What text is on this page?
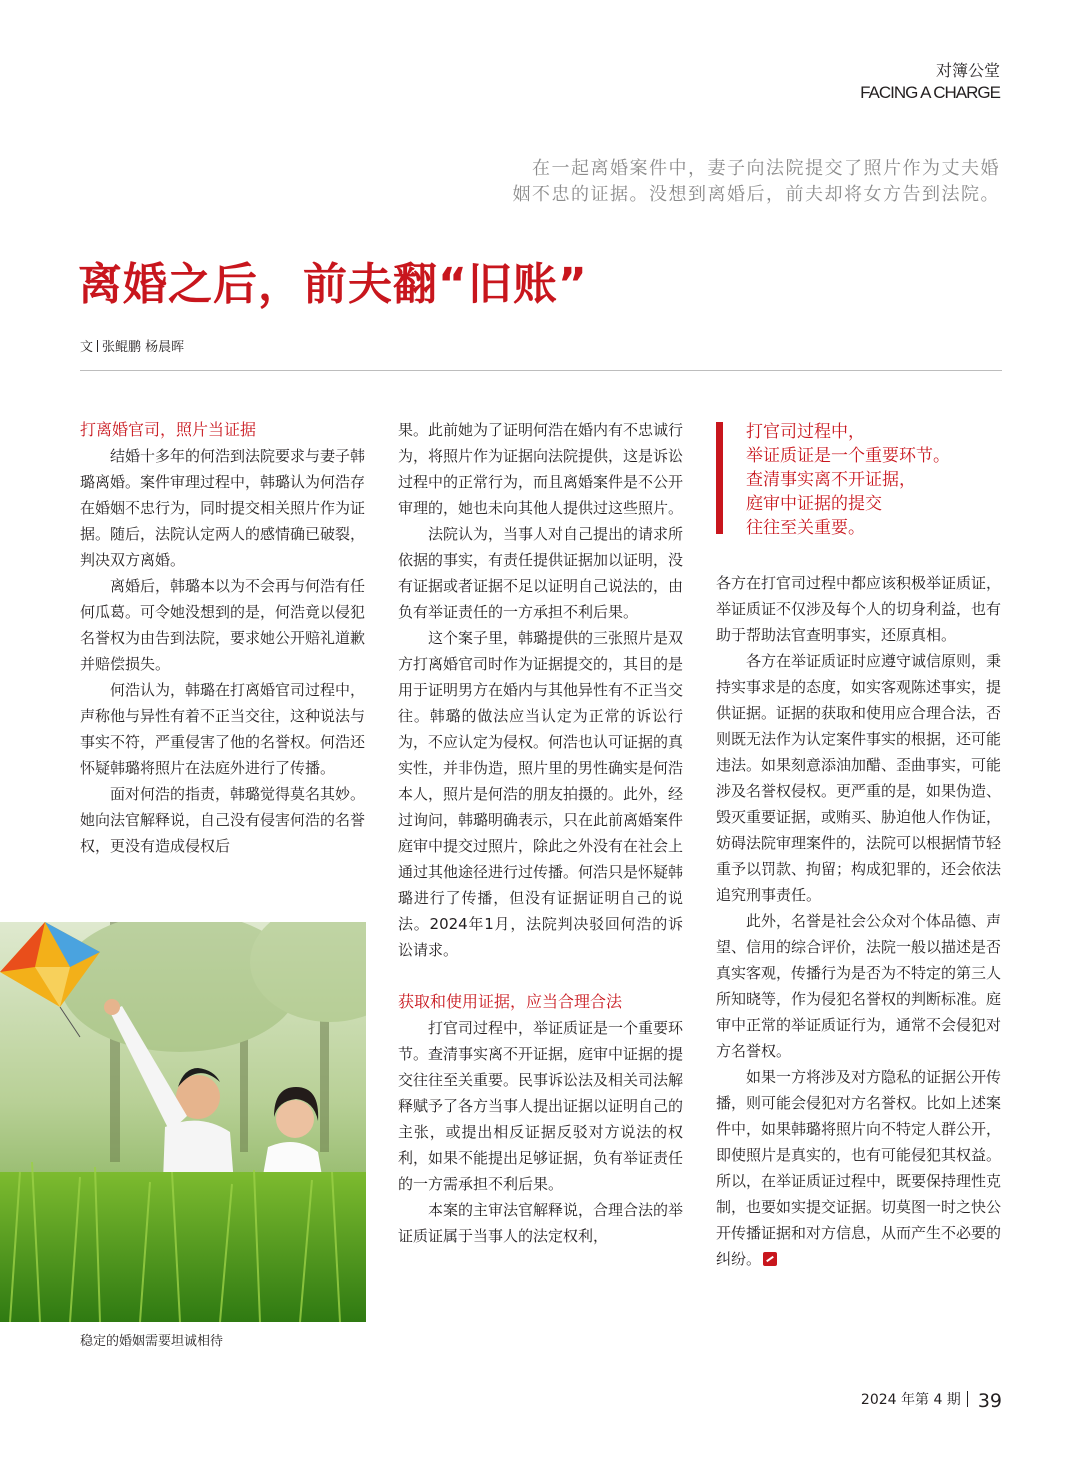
对簿公堂
FACING A CHARGE

在一起离婚案件中，妻子向法院提交了照片作为丈夫婚

姻不忠的证据。没想到离婚后，前夫却将女方告到法院。

离婚之后，前夫翻“旧账”
文 张鲲鹏 杨晨晖
打离婚官司，照片当证据

结婚十多年的何浩到法院要求与妻子韩璐离婚。案件审理过程中，韩璐认为何浩存在婚姻不忠行为，同时提交相关照片作为证据。随后，法院认定两人的感情确已破裂，判决双方离婚。

离婚后，韩璐本以为不会再与何浩有任何瓜葛。可令她没想到的是，何浩竟以侵犯名誉权为由告到法院，要求她公开赔礼道歉并赔偿损失。

何浩认为，韩璐在打离婚官司过程中，声称他与异性有着不正当交往，这种说法与事实不符，严重侵害了他的名誉权。何浩还怀疑韩璐将照片在法庭外进行了传播。

面对何浩的指责，韩璐觉得莫名其妙。她向法官解释说，自己没有侵害何浩的名誉权，更没有造成侵权后

果。此前她为了证明何浩在婚内有不忠诚行为，将照片作为证据向法院提供，这是诉讼过程中的正常行为，而且离婚案件是不公开审理的，她也未向其他人提供过这些照片。

法院认为，当事人对自己提出的请求所依据的事实，有责任提供证据加以证明，没有证据或者证据不足以证明自己说法的，由负有举证责任的一方承担不利后果。

这个案子里，韩璐提供的三张照片是双方打离婚官司时作为证据提交的，其目的是用于证明男方在婚内与其他异性有不正当交往。韩璐的做法应当认定为正常的诉讼行为，不应认定为侵权。何浩也认可证据的真实性，并非伪造，照片里的男性确实是何浩本人，照片是何浩的朋友拍摄的。此外，经过询问，韩璐明确表示，只在此前离婚案件庭审中提交过照片，除此之外没有在社会上通过其他途径进行过传播。何浩只是怀疑韩璐进行了传播，但没有证据证明自己的说法。2024年1月，法院判决驳回何浩的诉讼请求。

获取和使用证据，应当合理合法

打官司过程中，举证质证是一个重要环节。查清事实离不开证据，庭审中证据的提交往往至关重要。民事诉讼法及相关司法解释赋予了各方当事人提出证据以证明自己的主张，或提出相反证据反驳对方说法的权利，如果不能提出足够证据，负有举证责任的一方需承担不利后果。

本案的主审法官解释说，合理合法的举证质证属于当事人的法定权利，

打官司过程中，
举证质证是一个重要环节。
查清事实离不开证据，
庭审中证据的提交
往往至关重要。

各方在打官司过程中都应该积极举证质证，举证质证不仅涉及每个人的切身利益，也有助于帮助法官查明事实，还原真相。

各方在举证质证时应遵守诚信原则，秉持实事求是的态度，如实客观陈述事实，提供证据。证据的获取和使用应合理合法，否则既无法作为认定案件事实的根据，还可能违法。如果刻意添油加醋、歪曲事实，可能涉及名誉权侵权。更严重的是，如果伪造、毁灭重要证据，或贿买、胁迫他人作伪证，妨碍法院审理案件的，法院可以根据情节轻重予以罚款、拘留；构成犯罪的，还会依法追究刑事责任。

此外，名誉是社会公众对个体品德、声望、信用的综合评价，法院一般以描述是否真实客观，传播行为是否为不特定的第三人所知晓等，作为侵犯名誉权的判断标准。庭审中正常的举证质证行为，通常不会侵犯对方名誉权。

如果一方将涉及对方隐私的证据公开传播，则可能会侵犯对方名誉权。比如上述案件中，如果韩璐将照片向不特定人群公开，即使照片是真实的，也有可能侵犯其权益。所以，在举证质证过程中，既要保持理性克制，也要如实提交证据。切莫图一时之快公开传播证据和对方信息，从而产生不必要的纠纷。

稳定的婚姻需要坦诚相待
2024 年第 4 期 39
